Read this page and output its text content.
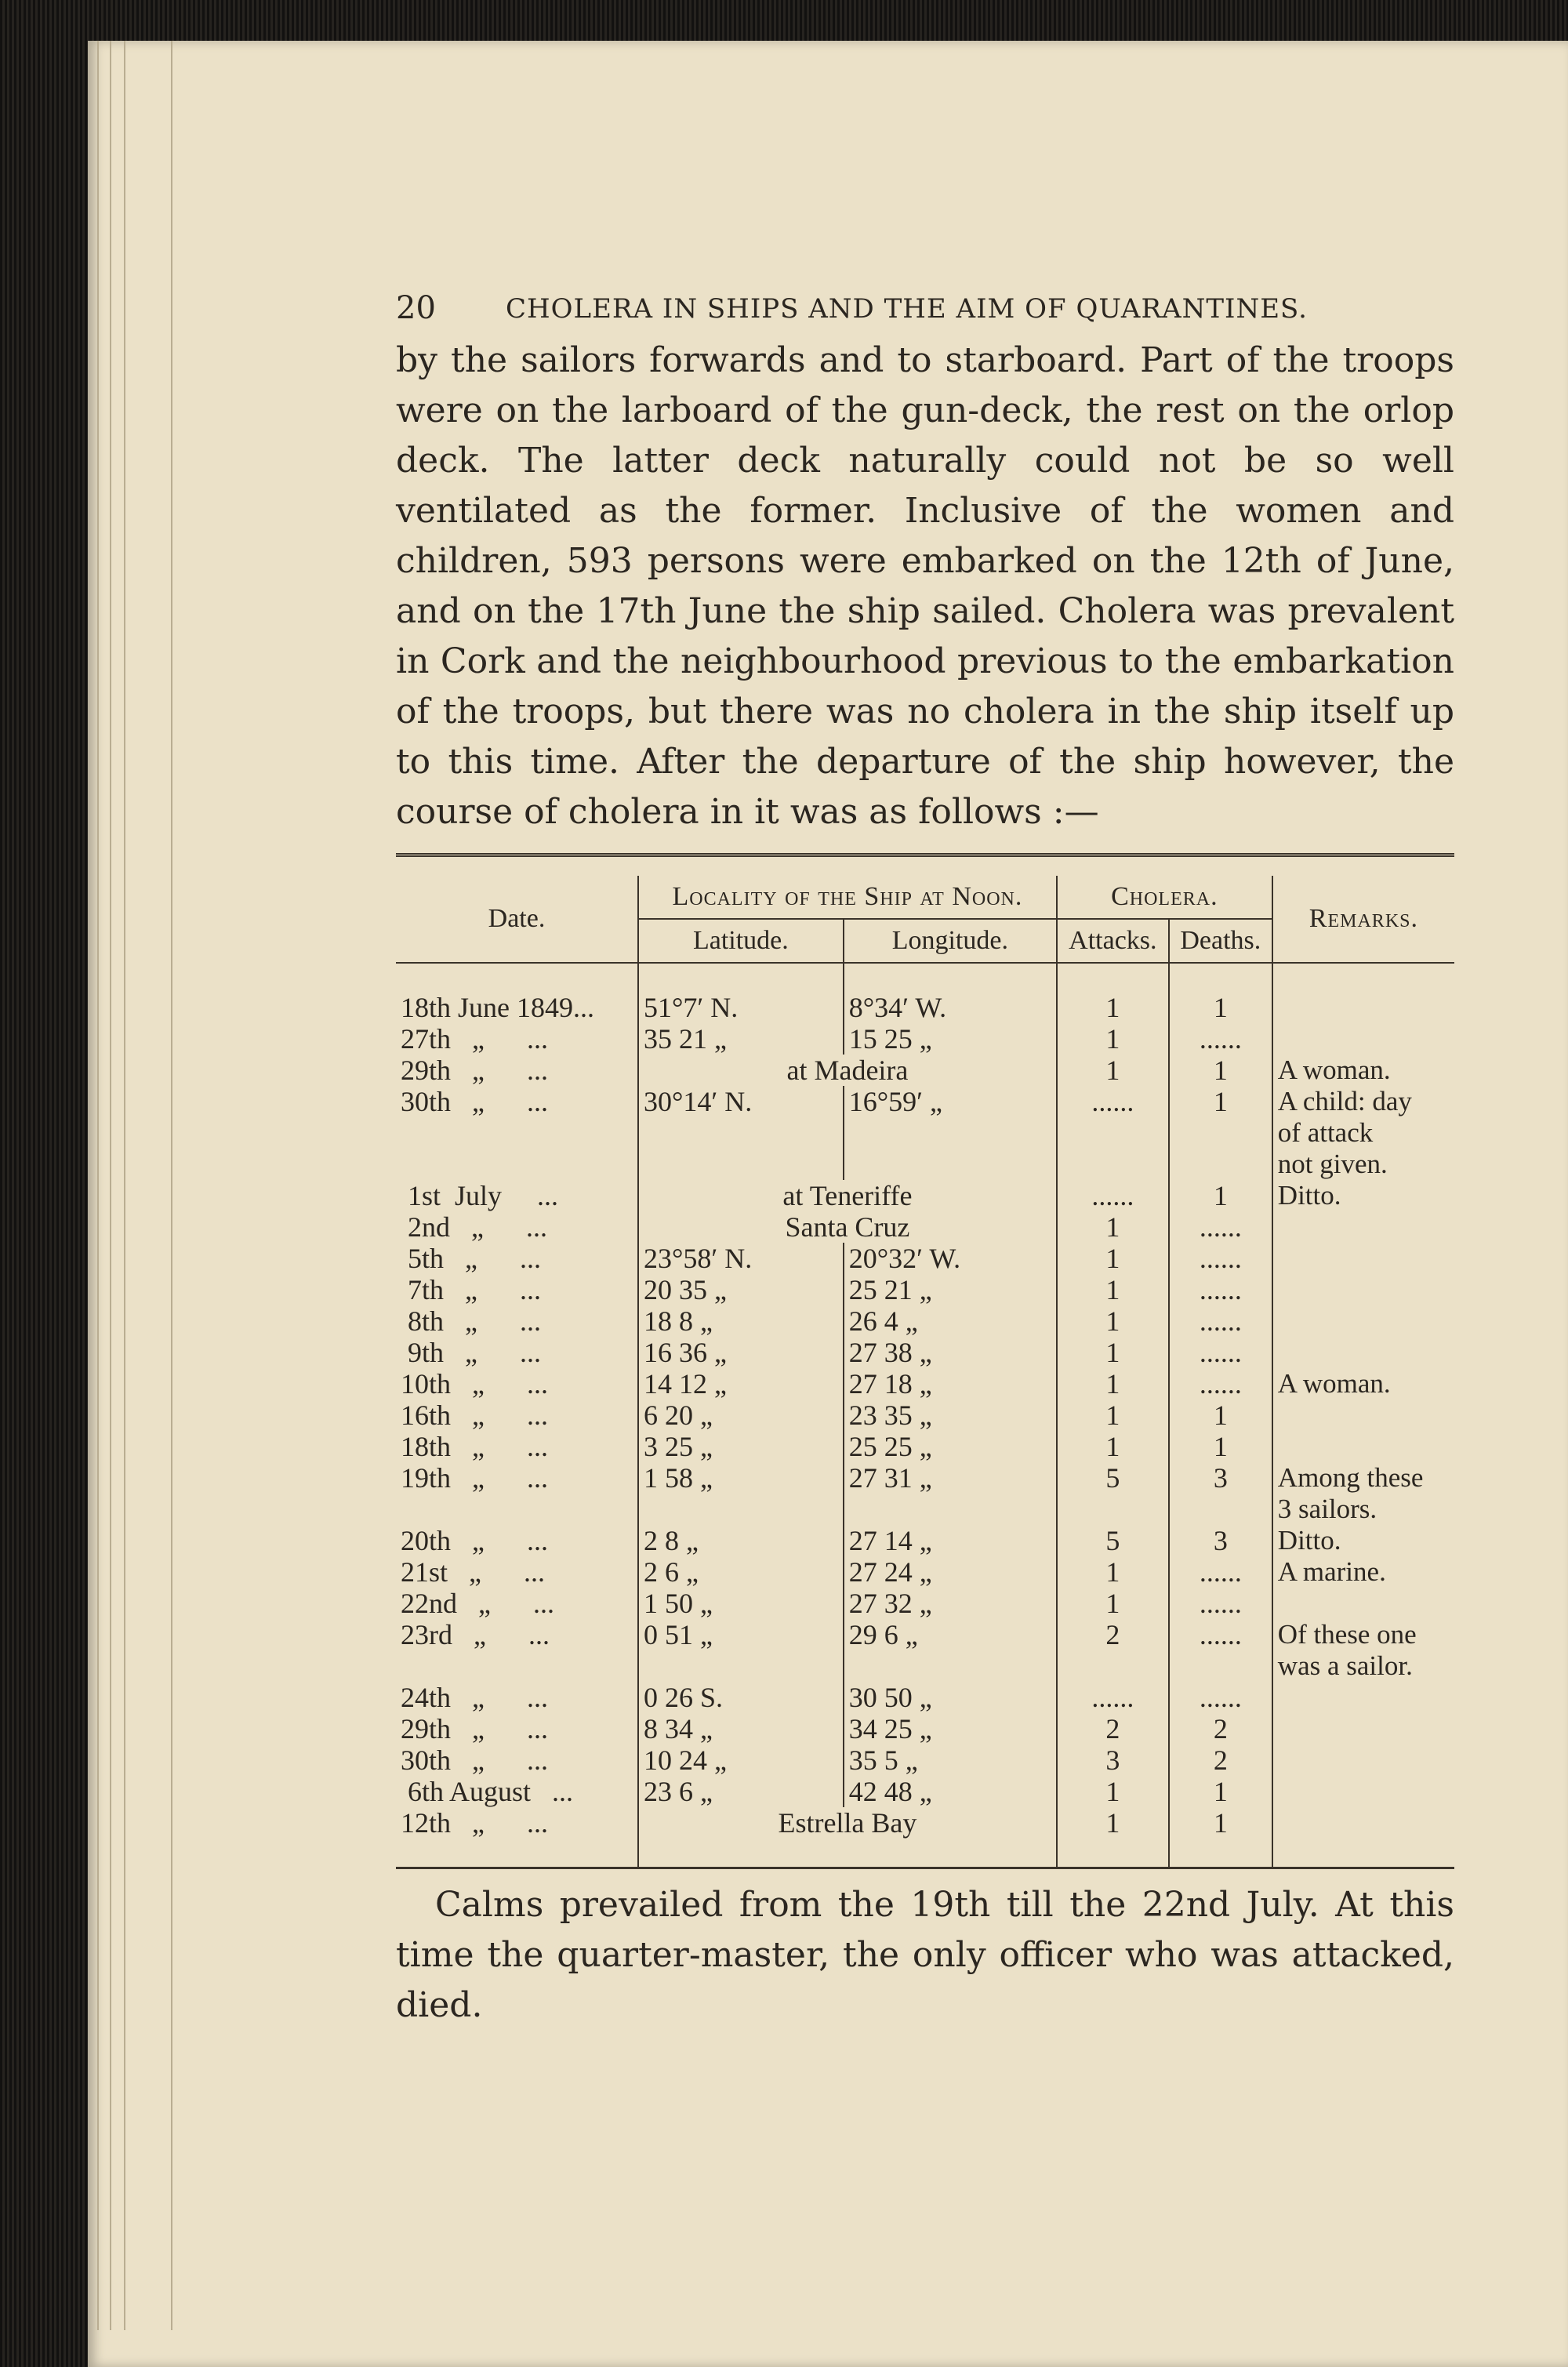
20	CHOLERA IN SHIPS AND THE AIM OF QUARANTINES.

by the sailors forwards and to starboard. Part of the troops were on the larboard of the gun-deck, the rest on the orlop deck. The latter deck naturally could not be so well ventilated as the former. Inclusive of the women and children, 593 persons were embarked on the 12th of June, and on the 17th June the ship sailed. Cholera was prevalent in Cork and the neighbourhood previous to the embarkation of the troops, but there was no cholera in the ship itself up to this time. After the departure of the ship however, the course of cholera in it was as follows :—

Date.	Locality of the Ship at Noon.		Cholera.		Remarks.
	Latitude.	Longitude.	Attacks.	Deaths.	

18th June 1849...	51°7′ N.	8°34′ W.	1	1	
27th   „      ...	35 21 „	15 25 „	1	......	
29th   „      ...	at Madeira		1	1	A woman.
30th   „      ...	30°14′ N.	16°59′ „	......	1	A child: day
of attack
not given.
1st  July     ...	at Teneriffe		......	1	Ditto.
2nd   „      ...	Santa Cruz		1	......	
5th   „      ...	23°58′ N.	20°32′ W.	1	......	
7th   „      ...	20 35 „	25 21 „	1	......	
8th   „      ...	18 8 „	26 4 „	1	......	
9th   „      ...	16 36 „	27 38 „	1	......	
10th   „      ...	14 12 „	27 18 „	1	......	A woman.
16th   „      ...	6 20 „	23 35 „	1	1	
18th   „      ...	3 25 „	25 25 „	1	1	
19th   „      ...	1 58 „	27 31 „	5	3	Among these
3 sailors.
20th   „      ...	2 8 „	27 14 „	5	3	Ditto.
21st   „      ...	2 6 „	27 24 „	1	......	A marine.
22nd   „      ...	1 50 „	27 32 „	1	......	
23rd   „      ...	0 51 „	29 6 „	2	......	Of these one
was a sailor.
24th   „      ...	0 26 S.	30 50 „	......	......	
29th   „      ...	8 34 „	34 25 „	2	2	
30th   „      ...	10 24 „	35 5 „	3	2	
6th August   ...	23 6 „	42 48 „	1	1	
12th   „      ...	Estrella Bay		1	1	

Calms prevailed from the 19th till the 22nd July. At this time the quarter-master, the only officer who was attacked, died.
